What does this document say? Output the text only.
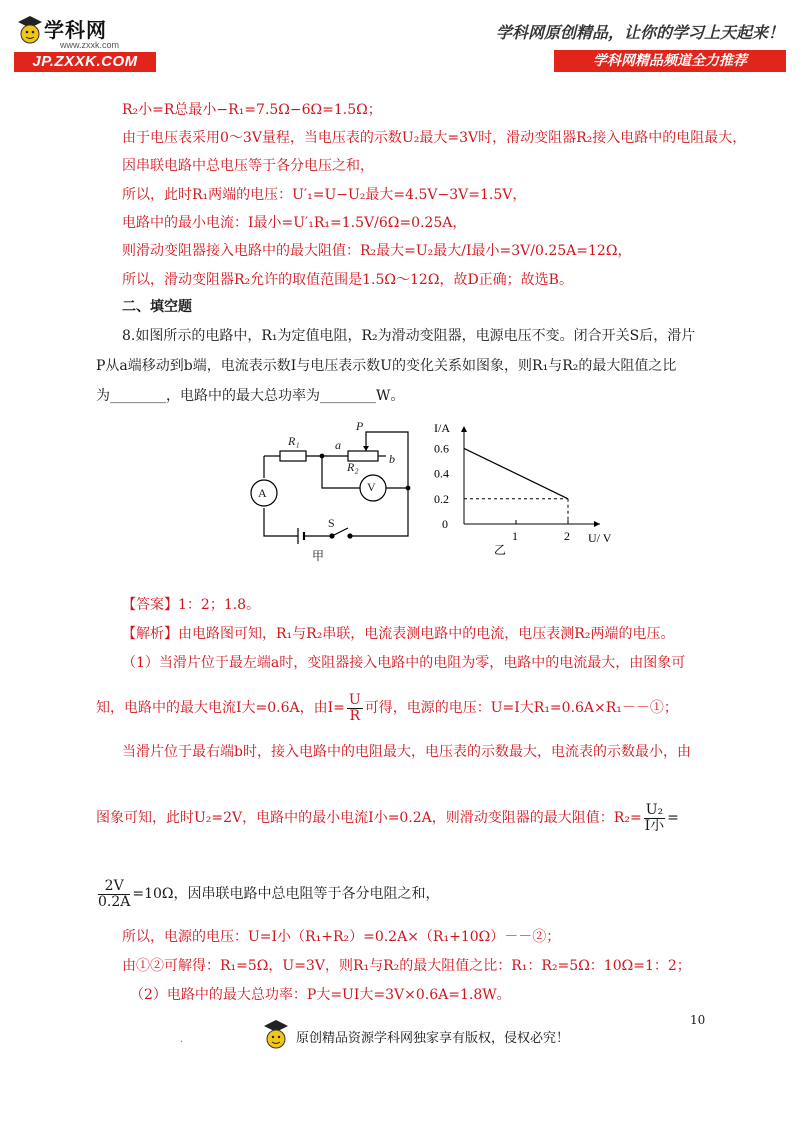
学科网
www.zxxk.com
JP.ZXXK.COM
学科网原创精品，让你的学习上天起来！
学科网精品频道全力推荐
R₂小=R总最小−R₁=7.5Ω−6Ω=1.5Ω；
由于电压表采用0～3V量程，当电压表的示数U₂最大=3V时，滑动变阻器R₂接入电路中的电阻最大，
因串联电路中总电压等于各分电压之和，
所以，此时R₁两端的电压：U′₁=U−U₂最大=4.5V−3V=1.5V，
电路中的最小电流：I最小=U′₁R₁=1.5V/6Ω=0.25A，
则滑动变阻器接入电路中的最大阻值：R₂最大=U₂最大/I最小=3V/0.25A=12Ω，
所以，滑动变阻器R₂允许的取值范围是1.5Ω～12Ω，故D正确；故选B。
二、填空题
8.如图所示的电路中，R₁为定值电阻，R₂为滑动变阻器，电源电压不变。闭合开关S后，滑片
P从a端移动到b端，电流表示数I与电压表示数U的变化关系如图象，则R₁与R₂的最大阻值之比
为________，电路中的最大总功率为________W。
A	V
R₁
R₂
a
b
P
S
甲
I/A
U/ V
0
0.2
0.4
0.6
1	2
乙
【答案】1：2；1.8。
【解析】由电路图可知，R₁与R₂串联，电流表测电路中的电流，电压表测R₂两端的电压。
（1）当滑片位于最左端a时，变阻器接入电路中的电阻为零，电路中的电流最大，由图象可
知，电路中的最大电流I大=0.6A，由$I= \frac{U}{R}$ 可得，电源的电压：U=I大R₁=0.6A×R₁－－①；
当滑片位于最右端b时，接入电路中的电阻最大，电压表的示数最大，电流表的示数最小，由
图象可知，此时U₂=2V，电路中的最小电流I小=0.2A，则滑动变阻器的最大阻值：$R_2= \frac{\text{U₂}}{\text{I小}}$ =
$\frac{2V}{0.2A} =10\Omega$，因串联电路中总电阻等于各分电阻之和，
所以，电源的电压：U=I小（R₁+R₂）=0.2A×（R₁+10Ω）－－②；
由①②可解得：R₁=5Ω，U=3V，则R₁与R₂的最大阻值之比：R₁：R₂=5Ω：10Ω=1：2；
（2）电路中的最大总功率：P大=UI大=3V×0.6A=1.8W。
10
.	原创精品资源学科网独家享有版权，侵权必究！
